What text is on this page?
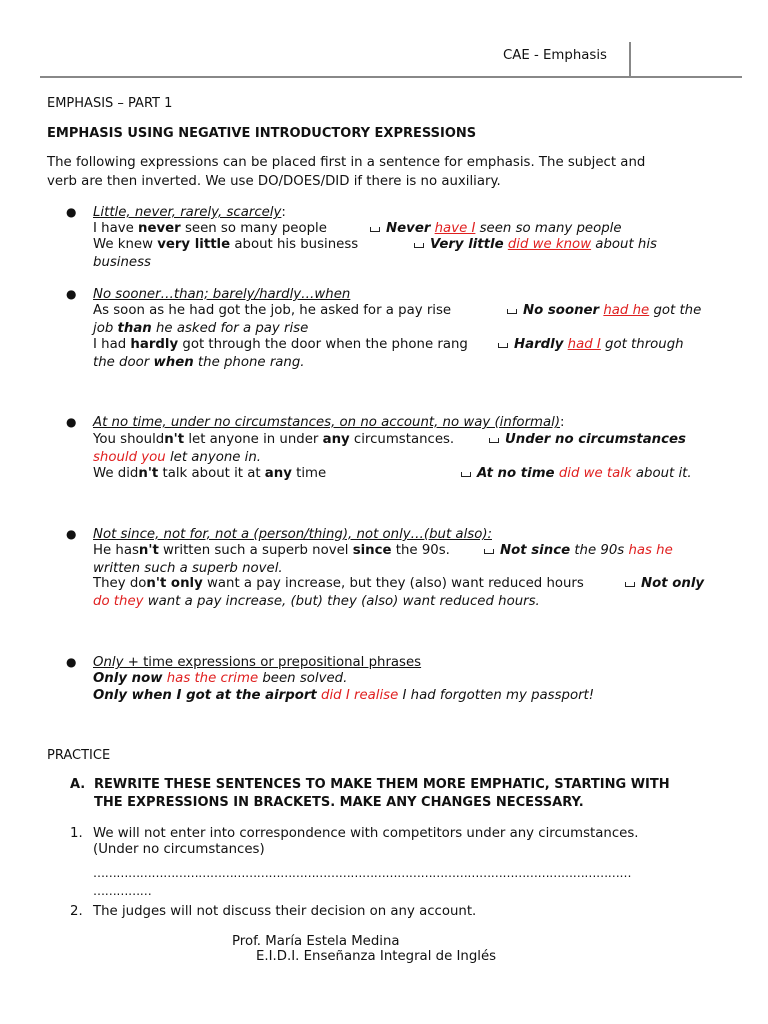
CAE - Emphasis
EMPHASIS – PART 1
EMPHASIS USING NEGATIVE INTRODUCTORY EXPRESSIONS
The following expressions can be placed first in a sentence for emphasis. The subject and
verb are then inverted. We use DO/DOES/DID if there is no auxiliary.
● Little, never, rarely, scarcely:
I have never seen so many people	Never have I seen so many people
We knew very little about his business	Very little did we know about his
business
● No sooner…than; barely/hardly…when
As soon as he had got the job, he asked for a pay rise	No sooner had he got the
job than he asked for a pay rise
I had hardly got through the door when the phone rang	Hardly had I got through
the door when the phone rang.
● At no time, under no circumstances, on no account, no way (informal):
You shouldn't let anyone in under any circumstances.	Under no circumstances
should you let anyone in.
We didn't talk about it at any time	At no time did we talk about it.
● Not since, not for, not a (person/thing), not only…(but also):
He hasn't written such a superb novel since the 90s.	Not since the 90s has he
written such a superb novel.
They don't only want a pay increase, but they (also) want reduced hours	Not only
do they want a pay increase, (but) they (also) want reduced hours.
● Only + time expressions or prepositional phrases
Only now has the crime been solved.
Only when I got at the airport did I realise I had forgotten my passport!
PRACTICE
A. REWRITE THESE SENTENCES TO MAKE THEM MORE EMPHATIC, STARTING WITH
THE EXPRESSIONS IN BRACKETS. MAKE ANY CHANGES NECESSARY.
1. We will not enter into correspondence with competitors under any circumstances.
(Under no circumstances)
…………………………………………………………………………………………………………………………
……………
2. The judges will not discuss their decision on any account.
Prof. María Estela Medina
E.I.D.I. Enseñanza Integral de Inglés
